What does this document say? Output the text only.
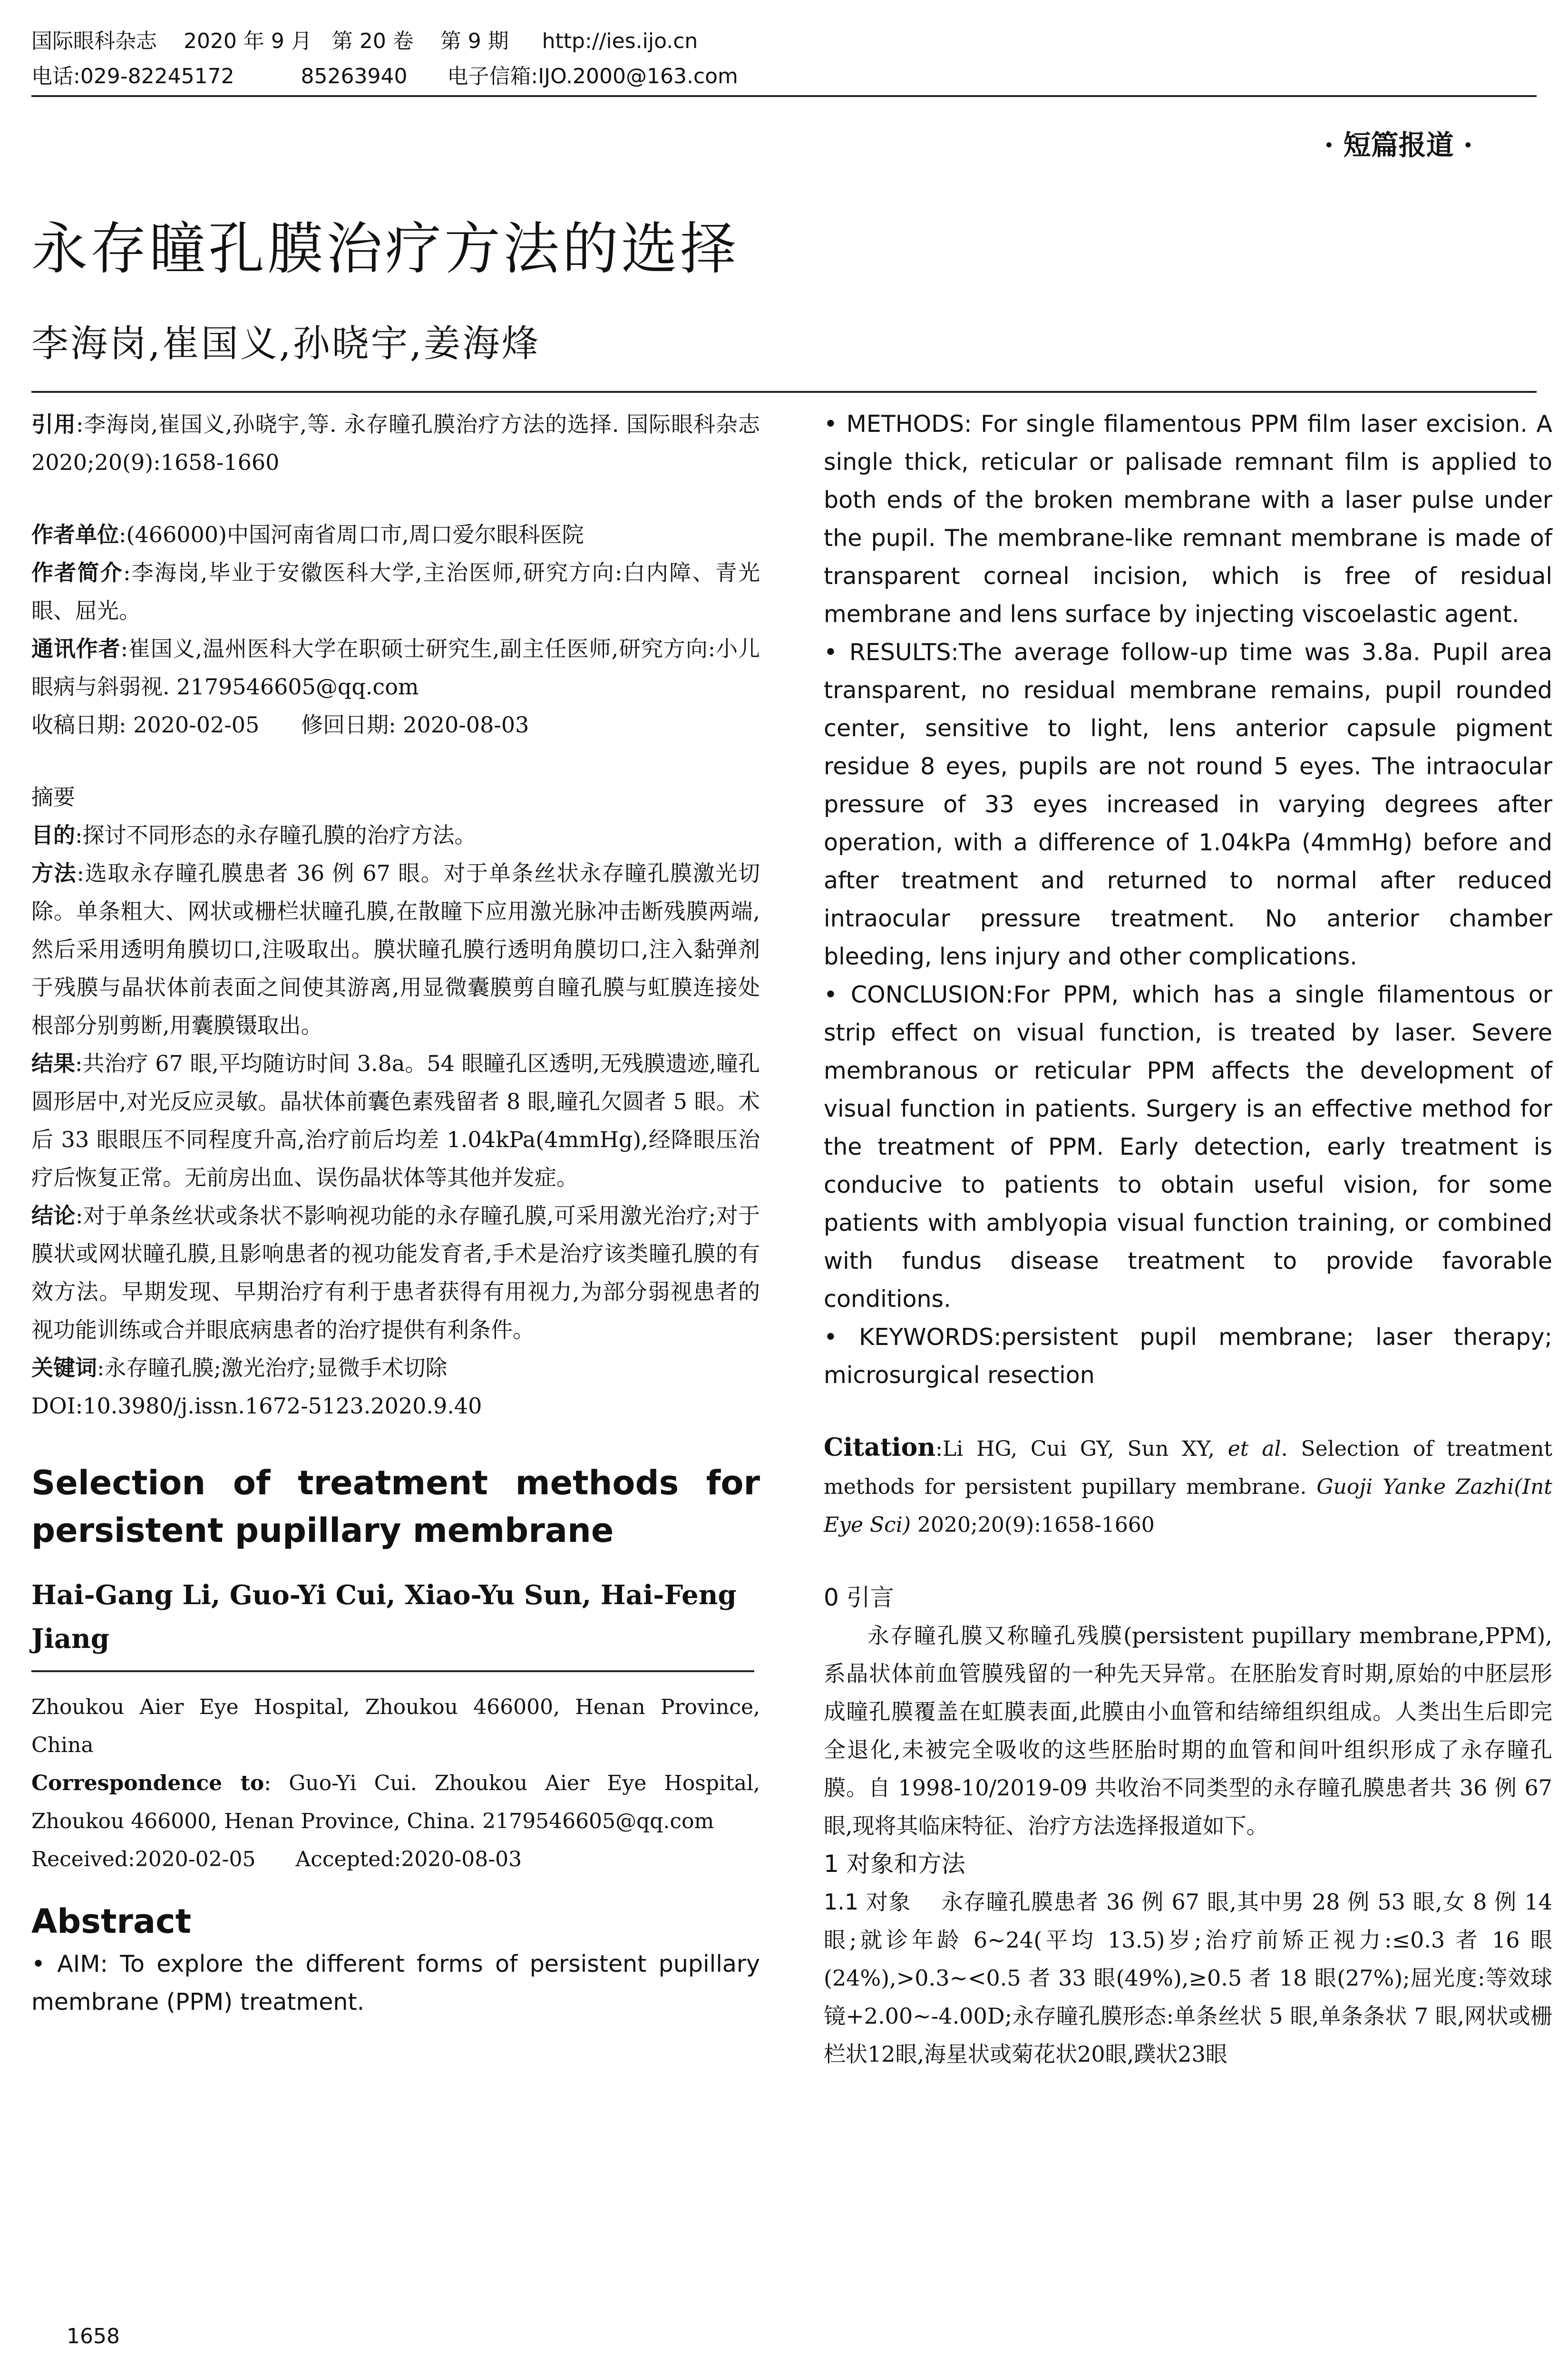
国际眼科杂志    2020 年 9 月   第 20 卷    第 9 期     http://ies.ijo.cn
电话:029-82245172          85263940      电子信箱:IJO.2000@163.com
· 短篇报道 ·
永存瞳孔膜治疗方法的选择
李海岗,崔国义,孙晓宇,姜海烽

引用:李海岗,崔国义,孙晓宇,等. 永存瞳孔膜治疗方法的选择. 国际眼科杂志 2020;20(9):1658-1660

作者单位:(466000)中国河南省周口市,周口爱尔眼科医院

作者简介:李海岗,毕业于安徽医科大学,主治医师,研究方向:白内障、青光眼、屈光。

通讯作者:崔国义,温州医科大学在职硕士研究生,副主任医师,研究方向:小儿眼病与斜弱视. 2179546605@qq.com

收稿日期: 2020-02-05      修回日期: 2020-08-03

摘要

目的:探讨不同形态的永存瞳孔膜的治疗方法。

方法:选取永存瞳孔膜患者 36 例 67 眼。对于单条丝状永存瞳孔膜激光切除。单条粗大、网状或栅栏状瞳孔膜,在散瞳下应用激光脉冲击断残膜两端,然后采用透明角膜切口,注吸取出。膜状瞳孔膜行透明角膜切口,注入黏弹剂于残膜与晶状体前表面之间使其游离,用显微囊膜剪自瞳孔膜与虹膜连接处根部分别剪断,用囊膜镊取出。

结果:共治疗 67 眼,平均随访时间 3.8a。54 眼瞳孔区透明,无残膜遗迹,瞳孔圆形居中,对光反应灵敏。晶状体前囊色素残留者 8 眼,瞳孔欠圆者 5 眼。术后 33 眼眼压不同程度升高,治疗前后均差 1.04kPa(4mmHg),经降眼压治疗后恢复正常。无前房出血、误伤晶状体等其他并发症。

结论:对于单条丝状或条状不影响视功能的永存瞳孔膜,可采用激光治疗;对于膜状或网状瞳孔膜,且影响患者的视功能发育者,手术是治疗该类瞳孔膜的有效方法。早期发现、早期治疗有利于患者获得有用视力,为部分弱视患者的视功能训练或合并眼底病患者的治疗提供有利条件。

关键词:永存瞳孔膜;激光治疗;显微手术切除

DOI:10.3980/j.issn.1672-5123.2020.9.40

Selection of treatment methods for persistent pupillary membrane

Hai-Gang Li, Guo-Yi Cui, Xiao-Yu Sun, Hai-Feng Jiang

Zhoukou Aier Eye Hospital, Zhoukou 466000, Henan Province, China

Correspondence to: Guo-Yi Cui. Zhoukou Aier Eye Hospital, Zhoukou 466000, Henan Province, China. 2179546605@qq.com

Received:2020-02-05      Accepted:2020-08-03

Abstract

• AIM: To explore the different forms of persistent pupillary membrane (PPM) treatment.

• METHODS: For single filamentous PPM film laser excision. A single thick, reticular or palisade remnant film is applied to both ends of the broken membrane with a laser pulse under the pupil. The membrane-like remnant membrane is made of transparent corneal incision, which is free of residual membrane and lens surface by injecting viscoelastic agent.

• RESULTS:The average follow-up time was 3.8a. Pupil area transparent, no residual membrane remains, pupil rounded center, sensitive to light, lens anterior capsule pigment residue 8 eyes, pupils are not round 5 eyes. The intraocular pressure of 33 eyes increased in varying degrees after operation, with a difference of 1.04kPa (4mmHg) before and after treatment and returned to normal after reduced intraocular pressure treatment. No anterior chamber bleeding, lens injury and other complications.

• CONCLUSION:For PPM, which has a single filamentous or strip effect on visual function, is treated by laser. Severe membranous or reticular PPM affects the development of visual function in patients. Surgery is an effective method for the treatment of PPM. Early detection, early treatment is conducive to patients to obtain useful vision, for some patients with amblyopia visual function training, or combined with fundus disease treatment to provide favorable conditions.

• KEYWORDS:persistent pupil membrane; laser therapy; microsurgical resection

Citation:Li HG, Cui GY, Sun XY, et al. Selection of treatment methods for persistent pupillary membrane. Guoji Yanke Zazhi(Int Eye Sci) 2020;20(9):1658-1660

0 引言

永存瞳孔膜又称瞳孔残膜(persistent pupillary membrane,PPM),系晶状体前血管膜残留的一种先天异常。在胚胎发育时期,原始的中胚层形成瞳孔膜覆盖在虹膜表面,此膜由小血管和结缔组织组成。人类出生后即完全退化,未被完全吸收的这些胚胎时期的血管和间叶组织形成了永存瞳孔膜。自 1998-10/2019-09 共收治不同类型的永存瞳孔膜患者共 36 例 67 眼,现将其临床特征、治疗方法选择报道如下。

1 对象和方法

1.1 对象 永存瞳孔膜患者 36 例 67 眼,其中男 28 例 53 眼,女 8 例 14 眼;就诊年龄 6~24(平均 13.5)岁;治疗前矫正视力:≤0.3 者 16 眼(24%),>0.3~<0.5 者 33 眼(49%),≥0.5 者 18 眼(27%);屈光度:等效球镜+2.00~-4.00D;永存瞳孔膜形态:单条丝状 5 眼,单条条状 7 眼,网状或栅栏状12眼,海星状或菊花状20眼,蹼状23眼

1658
